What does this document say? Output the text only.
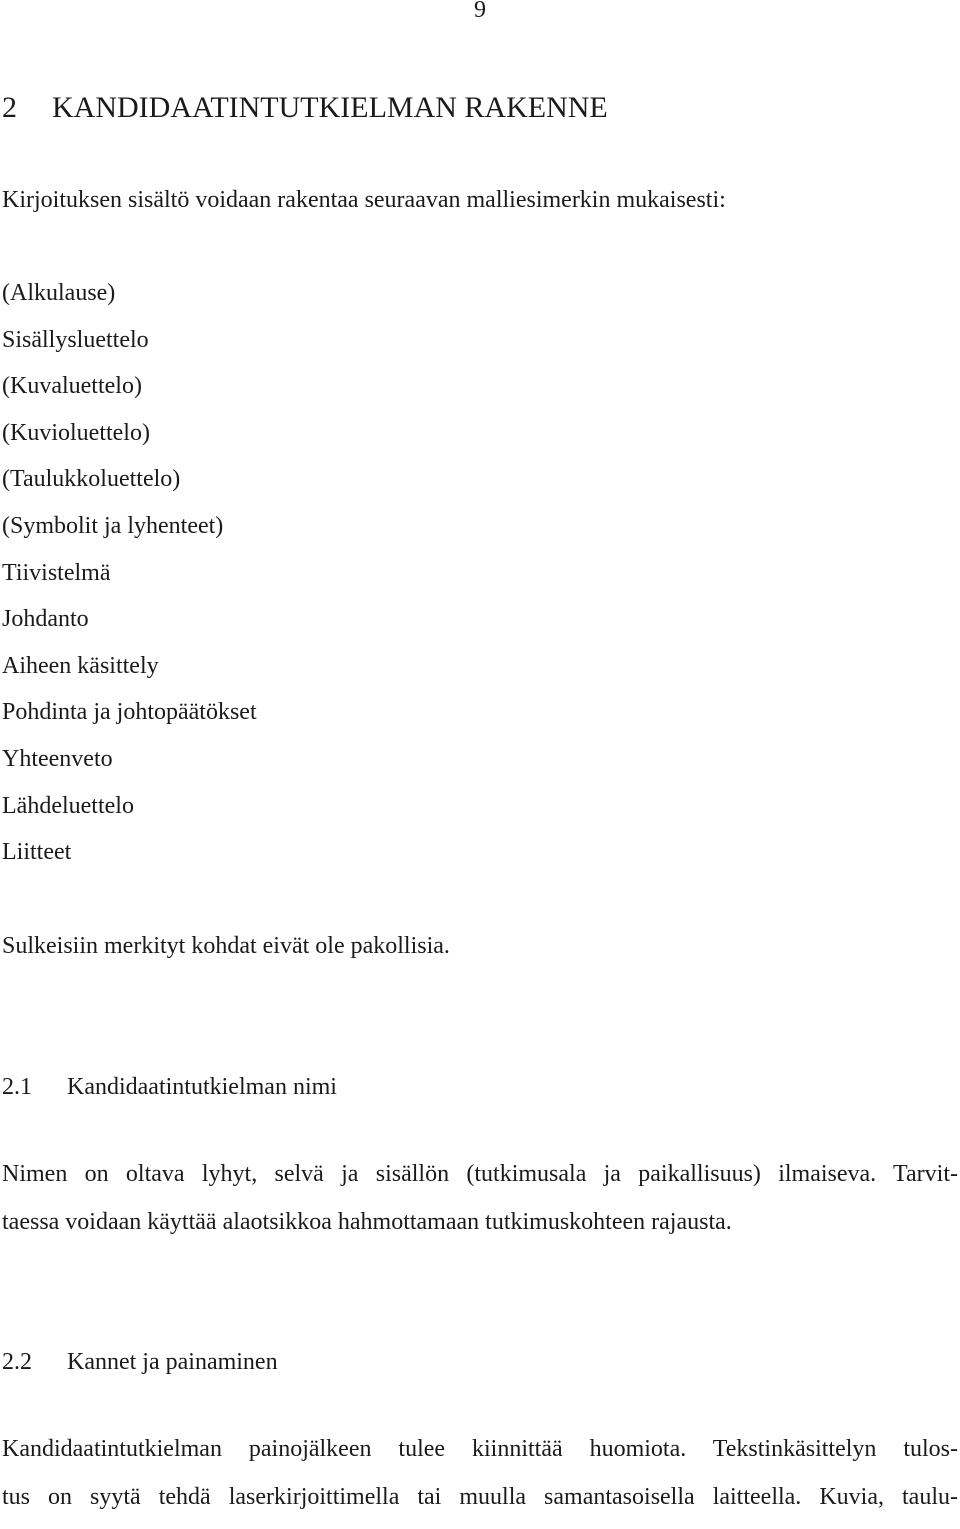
9
2 KANDIDAATINTUTKIELMAN RAKENNE
Kirjoituksen sisältö voidaan rakentaa seuraavan malliesimerkin mukaisesti:
(Alkulause)
Sisällysluettelo
(Kuvaluettelo)
(Kuvioluettelo)
(Taulukkoluettelo)
(Symbolit ja lyhenteet)
Tiivistelmä
Johdanto
Aiheen käsittely
Pohdinta ja johtopäätökset
Yhteenveto
Lähdeluettelo
Liitteet
Sulkeisiin merkityt kohdat eivät ole pakollisia.
2.1 Kandidaatintutkielman nimi
Nimen on oltava lyhyt, selvä ja sisällön (tutkimusala ja paikallisuus) ilmaiseva. Tarvit-
taessa voidaan käyttää alaotsikkoa hahmottamaan tutkimuskohteen rajausta.
2.2 Kannet ja painaminen
Kandidaatintutkielman painojälkeen tulee kiinnittää huomiota. Tekstinkäsittelyn tulos-
tus on syytä tehdä laserkirjoittimella tai muulla samantasoisella laitteella. Kuvia, taulu-
